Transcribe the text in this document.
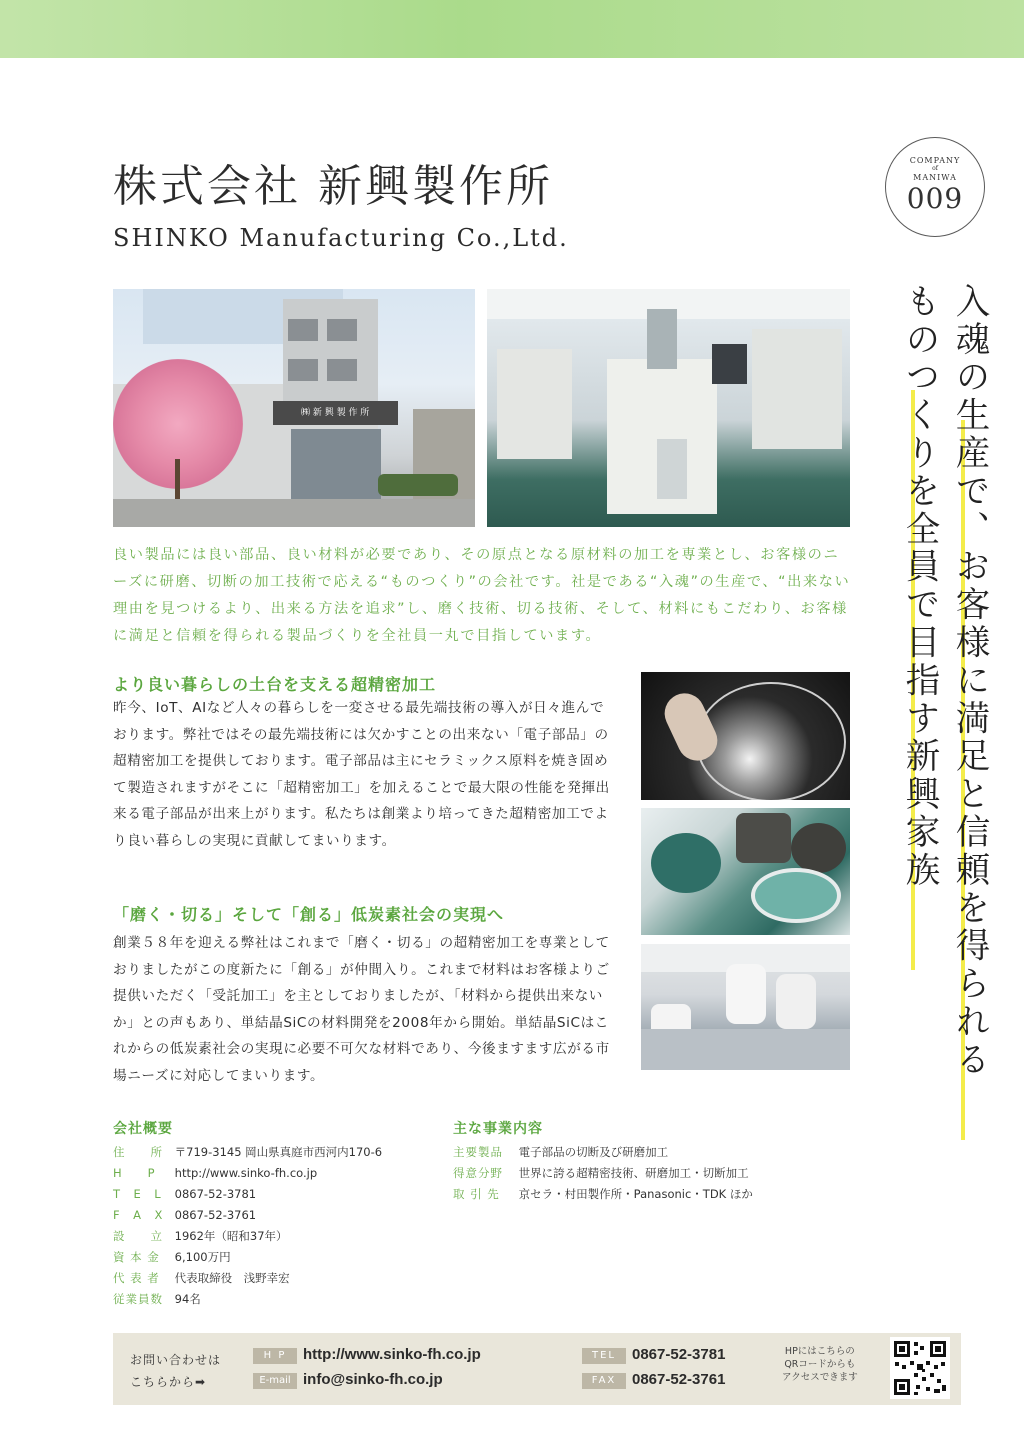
株式会社 新興製作所
SHINKO Manufacturing Co.,Ltd.
COMPANY
of
MANIWA
009
㈱ 新 興 製 作 所	入魂の生産で、お客様に満足と信頼を得られる
ものつくりを全員で目指す新興家族

良い製品には良い部品、良い材料が必要であり、その原点となる原材料の加工を専業とし、お客様のニーズに研磨、切断の加工技術で応える“ものつくり”の会社です。社是である“入魂”の生産で、“出来ない理由を見つけるより、出来る方法を追求”し、磨く技術、切る技術、そして、材料にもこだわり、お客様に満足と信頼を得られる製品づくりを全社員一丸で目指しています。

より良い暮らしの土台を支える超精密加工

昨今、IoT、AIなど人々の暮らしを一変させる最先端技術の導入が日々進んでおります。弊社ではその最先端技術には欠かすことの出来ない「電子部品」の超精密加工を提供しております。電子部品は主にセラミックス原料を焼き固めて製造されますがそこに「超精密加工」を加えることで最大限の性能を発揮出来る電子部品が出来上がります。私たちは創業より培ってきた超精密加工でより良い暮らしの実現に貢献してまいります。

「磨く・切る」そして「創る」低炭素社会の実現へ

創業５８年を迎える弊社はこれまで「磨く・切る」の超精密加工を専業としておりましたがこの度新たに「創る」が仲間入り。これまで材料はお客様よりご提供いただく「受託加工」を主としておりましたが、「材料から提供出来ないか」との声もあり、単結晶SiCの材料開発を2008年から開始。単結晶SiCはこれからの低炭素社会の実現に必要不可欠な材料であり、今後ますます広がる市場ニーズに対応してまいります。

会社概要
住　　所 〒719-3145 岡山県真庭市西河内170-6
H　　P http://www.sinko-fh.co.jp
T　E　L 0867-52-3781
F　A　X 0867-52-3761
設　　立 1962年（昭和37年）
資 本 金 6,100万円
代 表 者 代表取締役　浅野幸宏
従業員数 94名
主な事業内容
主要製品 電子部品の切断及び研磨加工
得意分野 世界に誇る超精密技術、研磨加工・切断加工
取 引 先 京セラ・村田製作所・Panasonic・TDK ほか
お問い合わせは
こちらから➡
H P	http://www.sinko-fh.co.jp
E-mail info@sinko-fh.co.jp
TEL	0867-52-3781
FAX	0867-52-3761
HPにはこちらの
QRコードからも
アクセスできます
